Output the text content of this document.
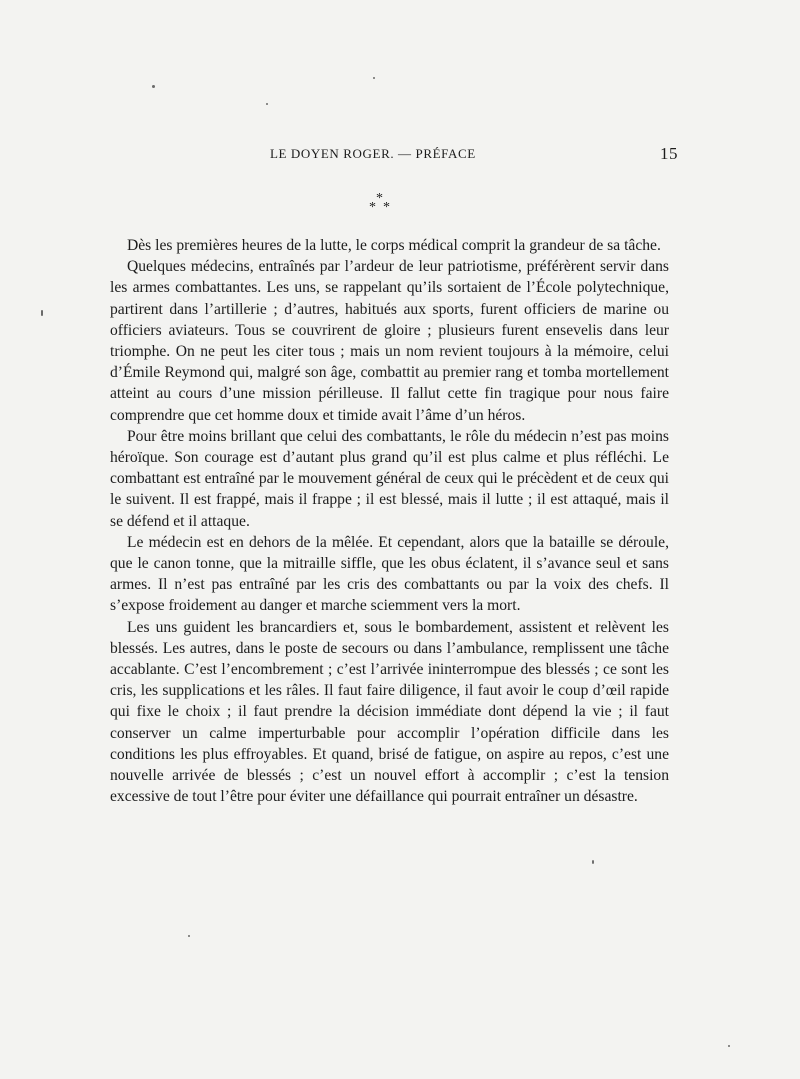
LE DOYEN ROGER. — PRÉFACE	15
*
* *

Dès les premières heures de la lutte, le corps médical comprit la grandeur de sa tâche.

Quelques médecins, entraînés par l’ardeur de leur patriotisme, préférèrent servir dans les armes combattantes. Les uns, se rappelant qu’ils sortaient de l’École polytechnique, partirent dans l’artillerie ; d’autres, habitués aux sports, furent officiers de marine ou officiers aviateurs. Tous se couvrirent de gloire ; plusieurs furent ensevelis dans leur triomphe. On ne peut les citer tous ; mais un nom revient toujours à la mémoire, celui d’Émile Reymond qui, malgré son âge, combattit au premier rang et tomba mortellement atteint au cours d’une mission périlleuse. Il fallut cette fin tragique pour nous faire comprendre que cet homme doux et timide avait l’âme d’un héros.

Pour être moins brillant que celui des combattants, le rôle du médecin n’est pas moins héroïque. Son courage est d’autant plus grand qu’il est plus calme et plus réfléchi. Le combattant est entraîné par le mouvement général de ceux qui le précèdent et de ceux qui le suivent. Il est frappé, mais il frappe ; il est blessé, mais il lutte ; il est attaqué, mais il se défend et il attaque.

Le médecin est en dehors de la mêlée. Et cependant, alors que la bataille se déroule, que le canon tonne, que la mitraille siffle, que les obus éclatent, il s’avance seul et sans armes. Il n’est pas entraîné par les cris des combattants ou par la voix des chefs. Il s’expose froidement au danger et marche sciemment vers la mort.

Les uns guident les brancardiers et, sous le bombardement, assistent et relèvent les blessés. Les autres, dans le poste de secours ou dans l’ambulance, remplissent une tâche accablante. C’est l’encombrement ; c’est l’arrivée ininterrompue des blessés ; ce sont les cris, les supplications et les râles. Il faut faire diligence, il faut avoir le coup d’œil rapide qui fixe le choix ; il faut prendre la décision immédiate dont dépend la vie ; il faut conserver un calme imperturbable pour accomplir l’opération difficile dans les conditions les plus effroyables. Et quand, brisé de fatigue, on aspire au repos, c’est une nouvelle arrivée de blessés ; c’est un nouvel effort à accomplir ; c’est la tension excessive de tout l’être pour éviter une défaillance qui pourrait entraîner un désastre.
